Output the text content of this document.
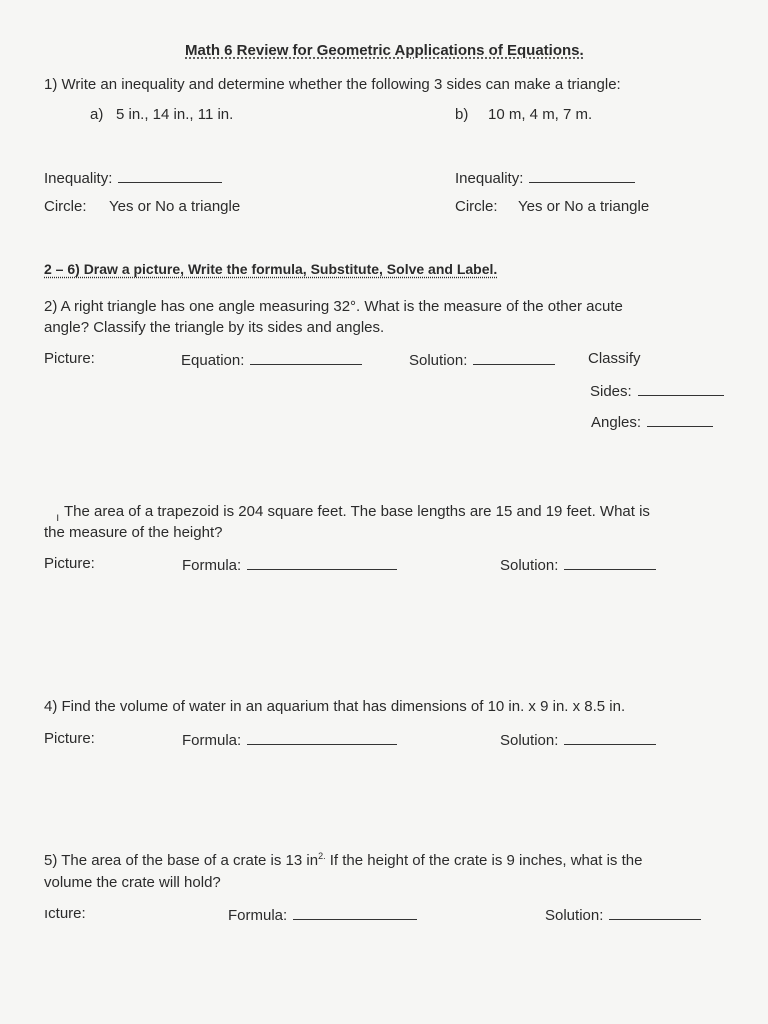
Math 6 Review for Geometric Applications of Equations.
1) Write an inequality and determine whether the following 3 sides can make a triangle:
a) 5 in., 14 in., 11 in.	b) 10 m, 4 m, 7 m.
Inequality:	Inequality:
Circle: Yes or No a triangle	Circle: Yes or No a triangle
2 – 6) Draw a picture, Write the formula, Substitute, Solve and Label.
2) A right triangle has one angle measuring 32°. What is the measure of the other acute
angle? Classify the triangle by its sides and angles.
Picture:	Equation:	Solution:	Classify
Sides:
Angles:
ı The area of a trapezoid is 204 square feet. The base lengths are 15 and 19 feet. What is
the measure of the height?
Picture:	Formula:	Solution:
4) Find the volume of water in an aquarium that has dimensions of 10 in. x 9 in. x 8.5 in.
Picture:	Formula:	Solution:
5) The area of the base of a crate is 13 $in^{2.}$ If the height of the crate is 9 inches, what is the
volume the crate will hold?
ıcture:	Formula:	Solution:
